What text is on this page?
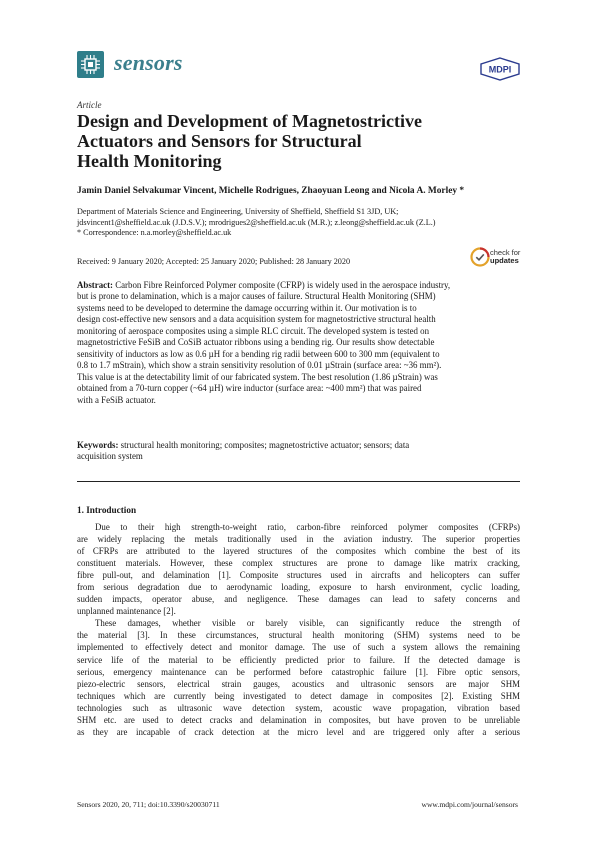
sensors	MDPI
Article
Design and Development of Magnetostrictive
Actuators and Sensors for Structural
Health Monitoring
Jamin Daniel Selvakumar Vincent, Michelle Rodrigues, Zhaoyuan Leong and Nicola A. Morley *
Department of Materials Science and Engineering, University of Sheffield, Sheffield S1 3JD, UK;
jdsvincent1@sheffield.ac.uk (J.D.S.V.); mrodrigues2@sheffield.ac.uk (M.R.); z.leong@sheffield.ac.uk (Z.L.)
* Correspondence: n.a.morley@sheffield.ac.uk
check for
updates
Received: 9 January 2020; Accepted: 25 January 2020; Published: 28 January 2020
Abstract: Carbon Fibre Reinforced Polymer composite (CFRP) is widely used in the aerospace industry,
but is prone to delamination, which is a major causes of failure. Structural Health Monitoring (SHM)
systems need to be developed to determine the damage occurring within it. Our motivation is to
design cost-effective new sensors and a data acquisition system for magnetostrictive structural health
monitoring of aerospace composites using a simple RLC circuit. The developed system is tested on
magnetostrictive FeSiB and CoSiB actuator ribbons using a bending rig. Our results show detectable
sensitivity of inductors as low as 0.6 µH for a bending rig radii between 600 to 300 mm (equivalent to
0.8 to 1.7 mStrain), which show a strain sensitivity resolution of 0.01 µStrain (surface area: ~36 mm²).
This value is at the detectability limit of our fabricated system. The best resolution (1.86 µStrain) was
obtained from a 70-turn copper (~64 µH) wire inductor (surface area: ~400 mm²) that was paired
with a FeSiB actuator.
Keywords: structural health monitoring; composites; magnetostrictive actuator; sensors; data
acquisition system
1. Introduction
Due to their high strength-to-weight ratio, carbon-fibre reinforced polymer composites (CFRPs)
are widely replacing the metals traditionally used in the aviation industry. The superior properties
of CFRPs are attributed to the layered structures of the composites which combine the best of its
constituent materials. However, these complex structures are prone to damage like matrix cracking,
fibre pull-out, and delamination [1]. Composite structures used in aircrafts and helicopters can suffer
from serious degradation due to aerodynamic loading, exposure to harsh environment, cyclic loading,
sudden impacts, operator abuse, and negligence. These damages can lead to safety concerns and
unplanned maintenance [2].
These damages, whether visible or barely visible, can significantly reduce the strength of
the material [3]. In these circumstances, structural health monitoring (SHM) systems need to be
implemented to effectively detect and monitor damage. The use of such a system allows the remaining
service life of the material to be efficiently predicted prior to failure. If the detected damage is
serious, emergency maintenance can be performed before catastrophic failure [1]. Fibre optic sensors,
piezo-electric sensors, electrical strain gauges, acoustics and ultrasonic sensors are major SHM
techniques which are currently being investigated to detect damage in composites [2]. Existing SHM
technologies such as ultrasonic wave detection system, acoustic wave propagation, vibration based
SHM etc. are used to detect cracks and delamination in composites, but have proven to be unreliable
as they are incapable of crack detection at the micro level and are triggered only after a serious
Sensors 2020, 20, 711; doi:10.3390/s20030711	www.mdpi.com/journal/sensors
